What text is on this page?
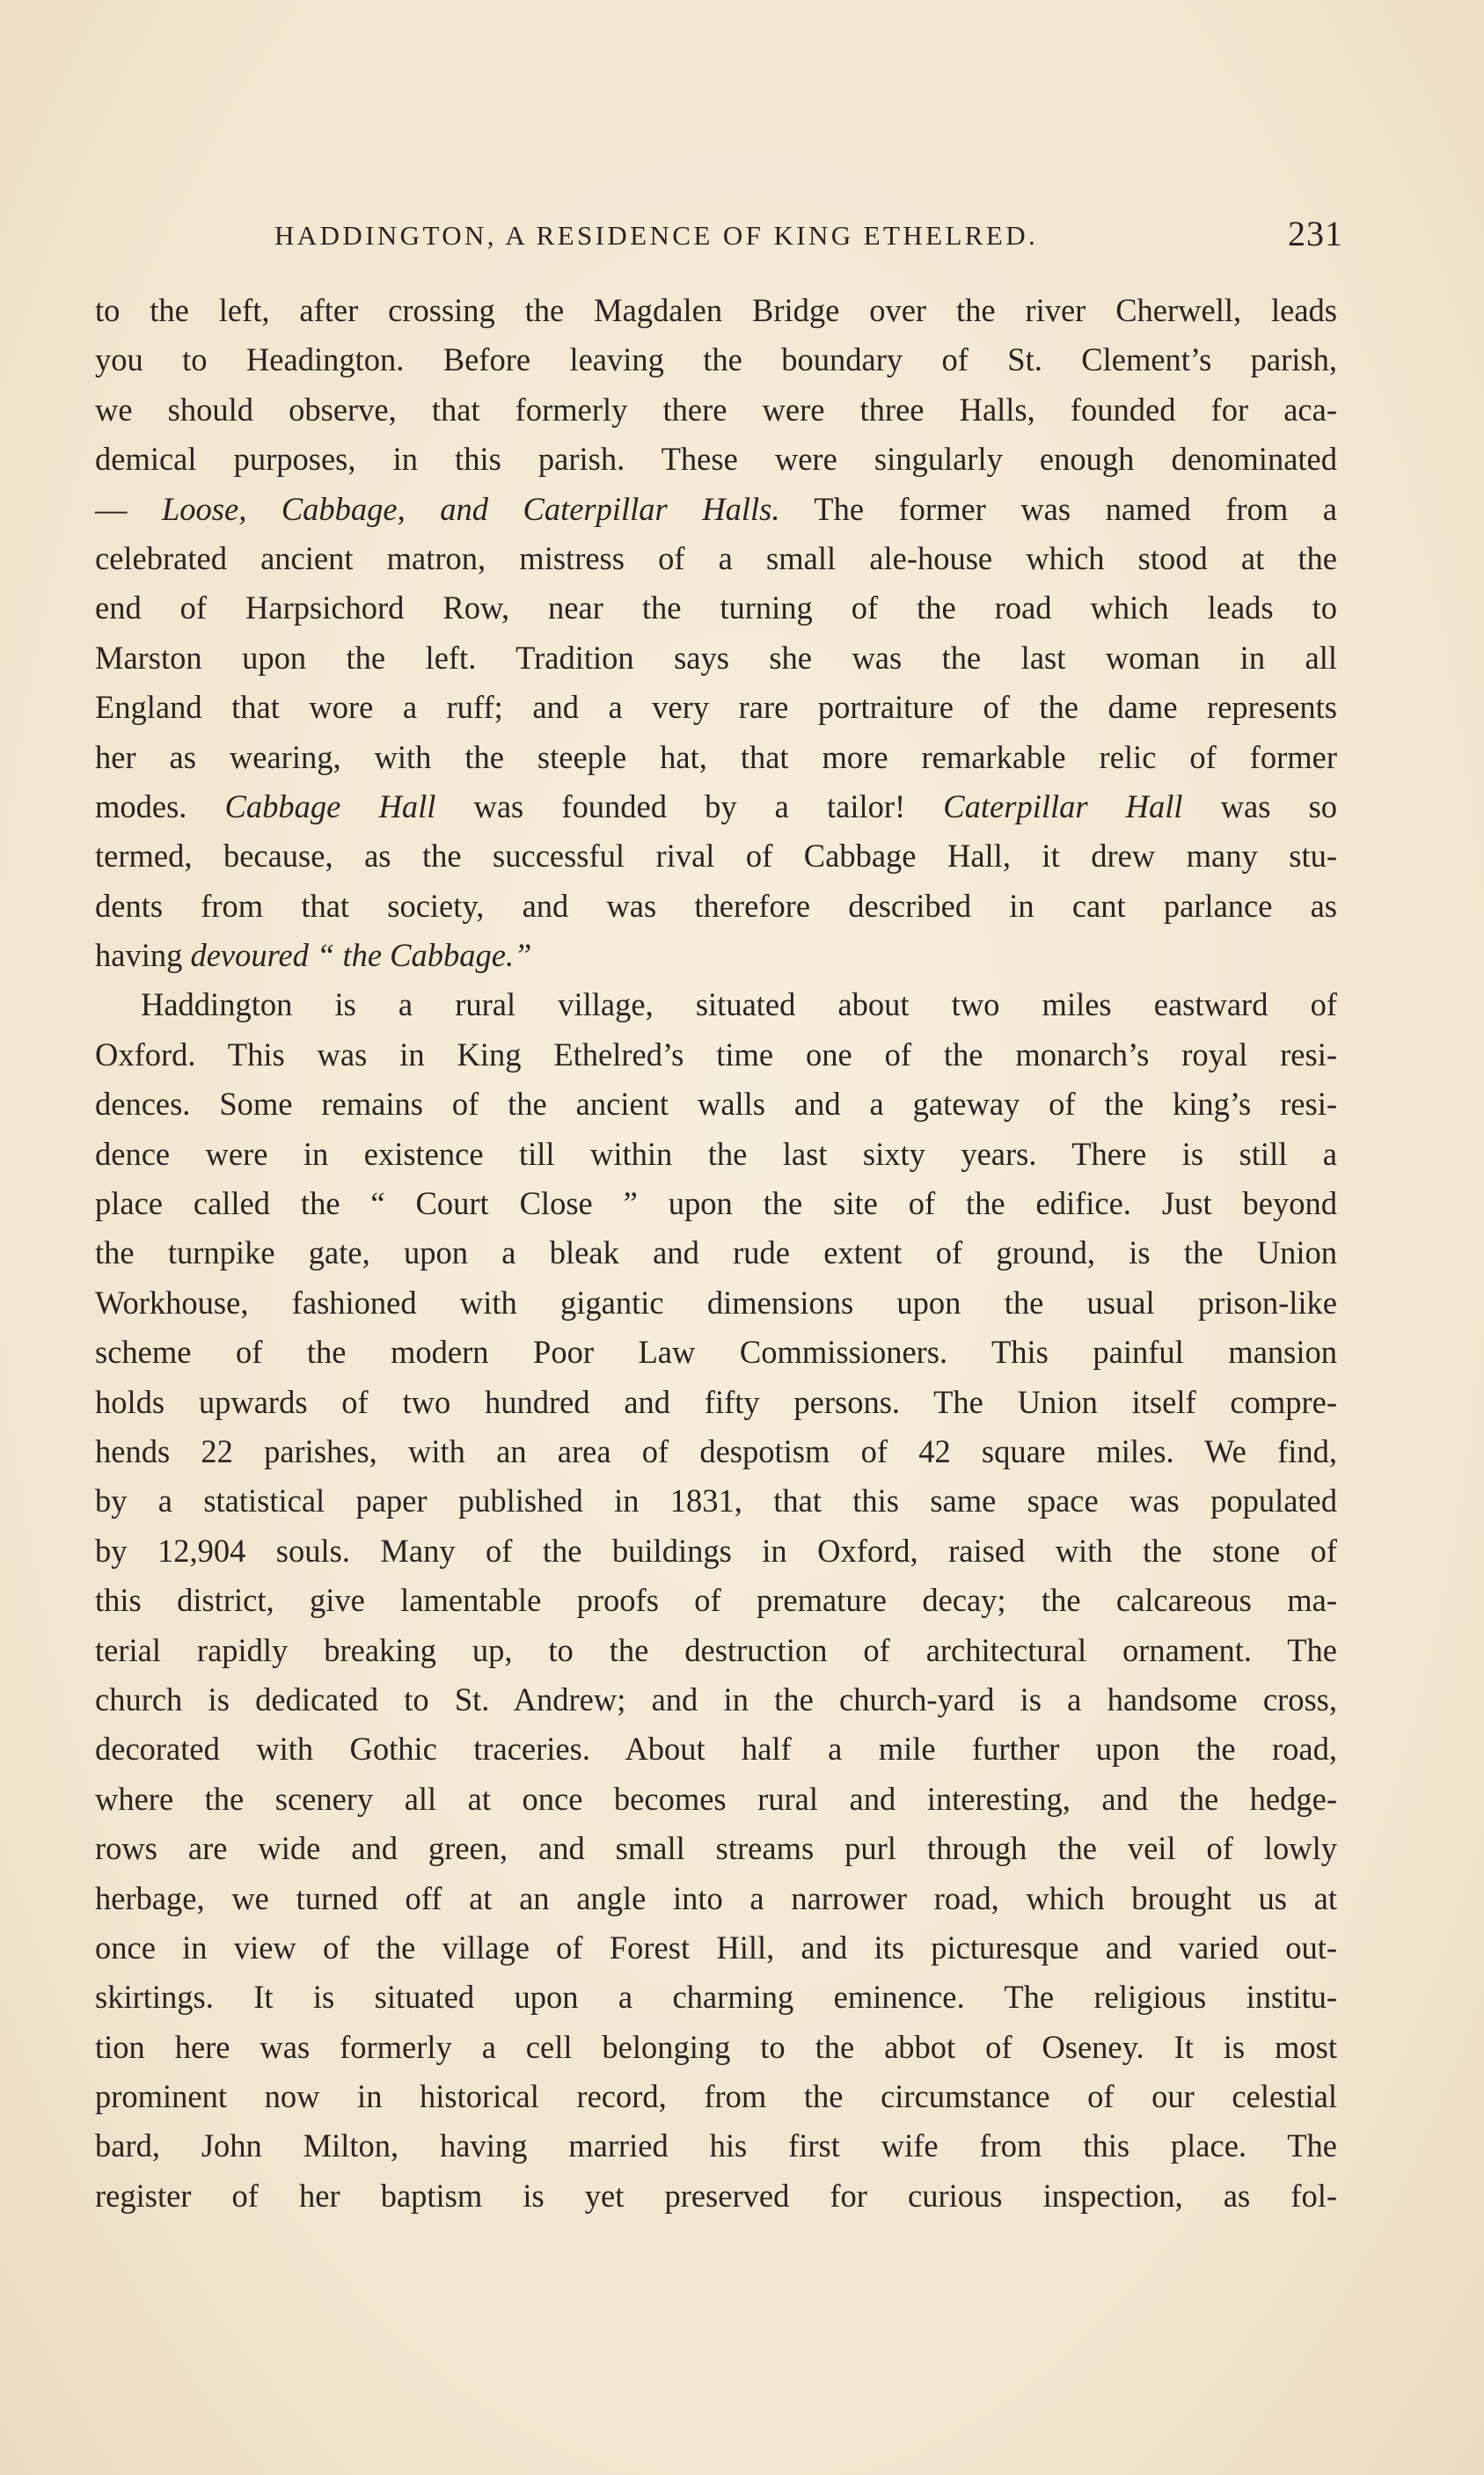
HADDINGTON, A RESIDENCE OF KING ETHELRED.	231
to the left, after crossing the Magdalen Bridge over the river Cherwell, leads
you to Headington. Before leaving the boundary of St. Clement’s parish,
we should observe, that formerly there were three Halls, founded for aca-
demical purposes, in this parish. These were singularly enough denominated
— Loose, Cabbage, and Caterpillar Halls. The former was named from a
celebrated ancient matron, mistress of a small ale-house which stood at the
end of Harpsichord Row, near the turning of the road which leads to
Marston upon the left. Tradition says she was the last woman in all
England that wore a ruff; and a very rare portraiture of the dame represents
her as wearing, with the steeple hat, that more remarkable relic of former
modes. Cabbage Hall was founded by a tailor! Caterpillar Hall was so
termed, because, as the successful rival of Cabbage Hall, it drew many stu-
dents from that society, and was therefore described in cant parlance as
having devoured “ the Cabbage.”
Haddington is a rural village, situated about two miles eastward of
Oxford. This was in King Ethelred’s time one of the monarch’s royal resi-
dences. Some remains of the ancient walls and a gateway of the king’s resi-
dence were in existence till within the last sixty years. There is still a
place called the “ Court Close ” upon the site of the edifice. Just beyond
the turnpike gate, upon a bleak and rude extent of ground, is the Union
Workhouse, fashioned with gigantic dimensions upon the usual prison-like
scheme of the modern Poor Law Commissioners. This painful mansion
holds upwards of two hundred and fifty persons. The Union itself compre-
hends 22 parishes, with an area of despotism of 42 square miles. We find,
by a statistical paper published in 1831, that this same space was populated
by 12,904 souls. Many of the buildings in Oxford, raised with the stone of
this district, give lamentable proofs of premature decay; the calcareous ma-
terial rapidly breaking up, to the destruction of architectural ornament. The
church is dedicated to St. Andrew; and in the church-yard is a handsome cross,
decorated with Gothic traceries. About half a mile further upon the road,
where the scenery all at once becomes rural and interesting, and the hedge-
rows are wide and green, and small streams purl through the veil of lowly
herbage, we turned off at an angle into a narrower road, which brought us at
once in view of the village of Forest Hill, and its picturesque and varied out-
skirtings. It is situated upon a charming eminence. The religious institu-
tion here was formerly a cell belonging to the abbot of Oseney. It is most
prominent now in historical record, from the circumstance of our celestial
bard, John Milton, having married his first wife from this place. The
register of her baptism is yet preserved for curious inspection, as fol-
